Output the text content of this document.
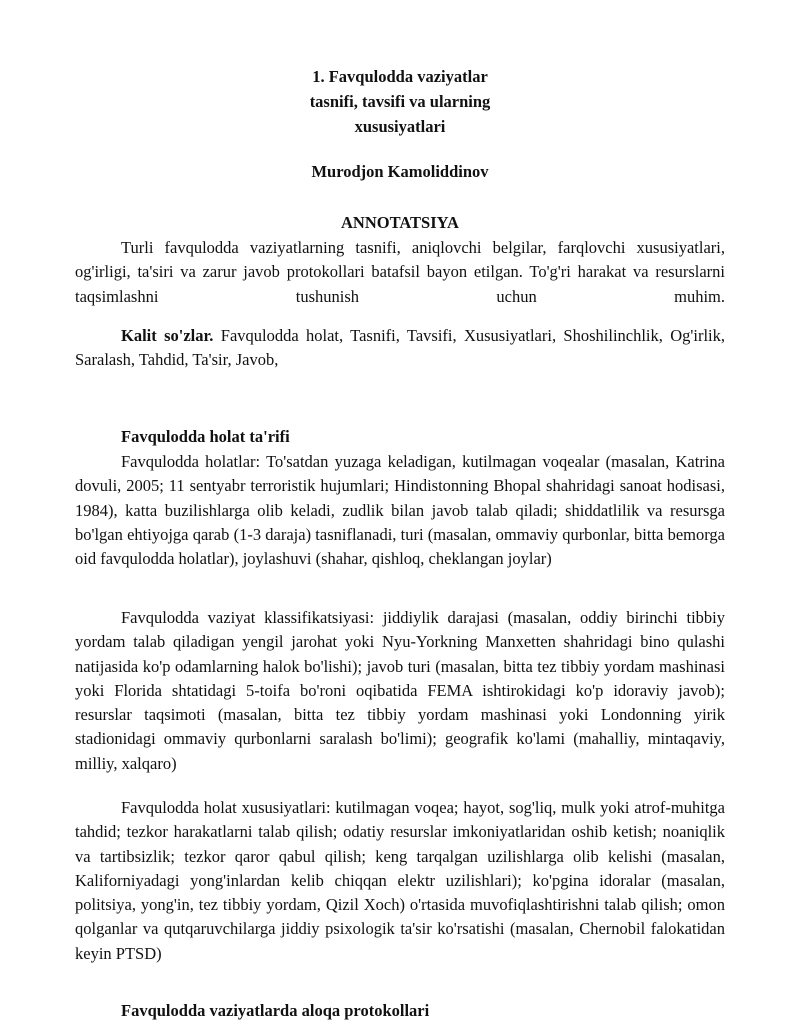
1. Favqulodda vaziyatlar
tasnifi, tavsifi va ularning
xususiyatlari
Murodjon Kamoliddinov
ANNOTATSIYA

Turli favqulodda vaziyatlarning tasnifi, aniqlovchi belgilar, farqlovchi xususiyatlari, og'irligi, ta'siri va zarur javob protokollari batafsil bayon etilgan. To'g'ri harakat va resurslarni taqsimlashni tushunish uchun muhim.

Kalit so'zlar. Favqulodda holat, Tasnifi, Tavsifi, Xususiyatlari, Shoshilinchlik, Og'irlik, Saralash, Tahdid, Ta'sir, Javob,

Favqulodda holat ta'rifi

Favqulodda holatlar: To'satdan yuzaga keladigan, kutilmagan voqealar (masalan, Katrina dovuli, 2005; 11 sentyabr terroristik hujumlari; Hindistonning Bhopal shahridagi sanoat hodisasi, 1984), katta buzilishlarga olib keladi, zudlik bilan javob talab qiladi; shiddatlilik va resursga bo'lgan ehtiyojga qarab (1-3 daraja) tasniflanadi, turi (masalan, ommaviy qurbonlar, bitta bemorga oid favqulodda holatlar), joylashuvi (shahar, qishloq, cheklangan joylar)

Favqulodda vaziyat klassifikatsiyasi: jiddiylik darajasi (masalan, oddiy birinchi tibbiy yordam talab qiladigan yengil jarohat yoki Nyu-Yorkning Manxetten shahridagi bino qulashi natijasida ko'p odamlarning halok bo'lishi); javob turi (masalan, bitta tez tibbiy yordam mashinasi yoki Florida shtatidagi 5-toifa bo'roni oqibatida FEMA ishtirokidagi ko'p idoraviy javob); resurslar taqsimoti (masalan, bitta tez tibbiy yordam mashinasi yoki Londonning yirik stadionidagi ommaviy qurbonlarni saralash bo'limi); geografik ko'lami (mahalliy, mintaqaviy, milliy, xalqaro)

Favqulodda holat xususiyatlari: kutilmagan voqea; hayot, sog'liq, mulk yoki atrof-muhitga tahdid; tezkor harakatlarni talab qilish; odatiy resurslar imkoniyatlaridan oshib ketish; noaniqlik va tartibsizlik; tezkor qaror qabul qilish; keng tarqalgan uzilishlarga olib kelishi (masalan, Kaliforniyadagi yong'inlardan kelib chiqqan elektr uzilishlari); ko'pgina idoralar (masalan, politsiya, yong'in, tez tibbiy yordam, Qizil Xoch) o'rtasida muvofiqlashtirishni talab qilish; omon qolganlar va qutqaruvchilarga jiddiy psixologik ta'sir ko'rsatishi (masalan, Chernobil falokatidan keyin PTSD)

Favqulodda vaziyatlarda aloqa protokollari
